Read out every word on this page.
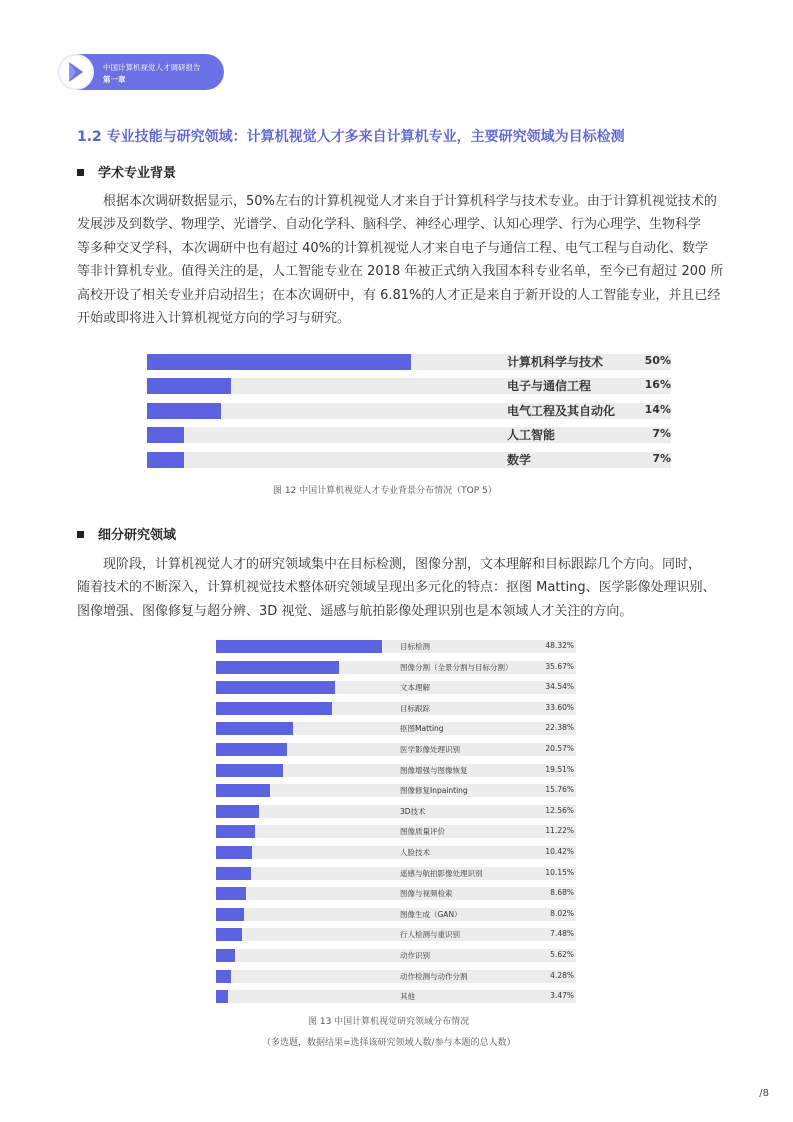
中国计算机视觉人才调研报告
第一章
1.2 专业技能与研究领域：计算机视觉人才多来自计算机专业，主要研究领域为目标检测
学术专业背景
根据本次调研数据显示，50%左右的计算机视觉人才来自于计算机科学与技术专业。由于计算机视觉技术的
发展涉及到数学、物理学、光谱学、自动化学科、脑科学、神经心理学、认知心理学、行为心理学、生物科学
等多种交叉学科，本次调研中也有超过 40%的计算机视觉人才来自电子与通信工程、电气工程与自动化、数学
等非计算机专业。值得关注的是，人工智能专业在 2018 年被正式纳入我国本科专业名单，至今已有超过 200 所
高校开设了相关专业并启动招生；在本次调研中，有 6.81%的人才正是来自于新开设的人工智能专业，并且已经
开始或即将进入计算机视觉方向的学习与研究。
计算机科学与技术	50%
电子与通信工程	16%
电气工程及其自动化	14%
人工智能	7%
数学	7%
图 12 中国计算机视觉人才专业背景分布情况（TOP 5）
细分研究领域
现阶段，计算机视觉人才的研究领域集中在目标检测，图像分割，文本理解和目标跟踪几个方向。同时，
随着技术的不断深入，计算机视觉技术整体研究领域呈现出多元化的特点：抠图 Matting、医学影像处理识别、
图像增强、图像修复与超分辨、3D 视觉、遥感与航拍影像处理识别也是本领域人才关注的方向。
目标检测	48.32%
图像分割（全景分割与目标分割）	35.67%
文本理解	34.54%
目标跟踪	33.60%
抠图Matting	22.38%
医学影像处理识别	20.57%
图像增强与图像恢复	19.51%
图像修复Inpainting	15.76%
3D技术	12.56%
图像质量评价	11.22%
人脸技术	10.42%
遥感与航拍影像处理识别	10.15%
图像与视频检索	8.68%
图像生成（GAN）	8.02%
行人检测与重识别	7.48%
动作识别	5.62%
动作检测与动作分割	4.28%
其他	3.47%
图 13 中国计算机视觉研究领域分布情况
（多选题，数据结果=选择该研究领域人数/参与本题的总人数）
/8
